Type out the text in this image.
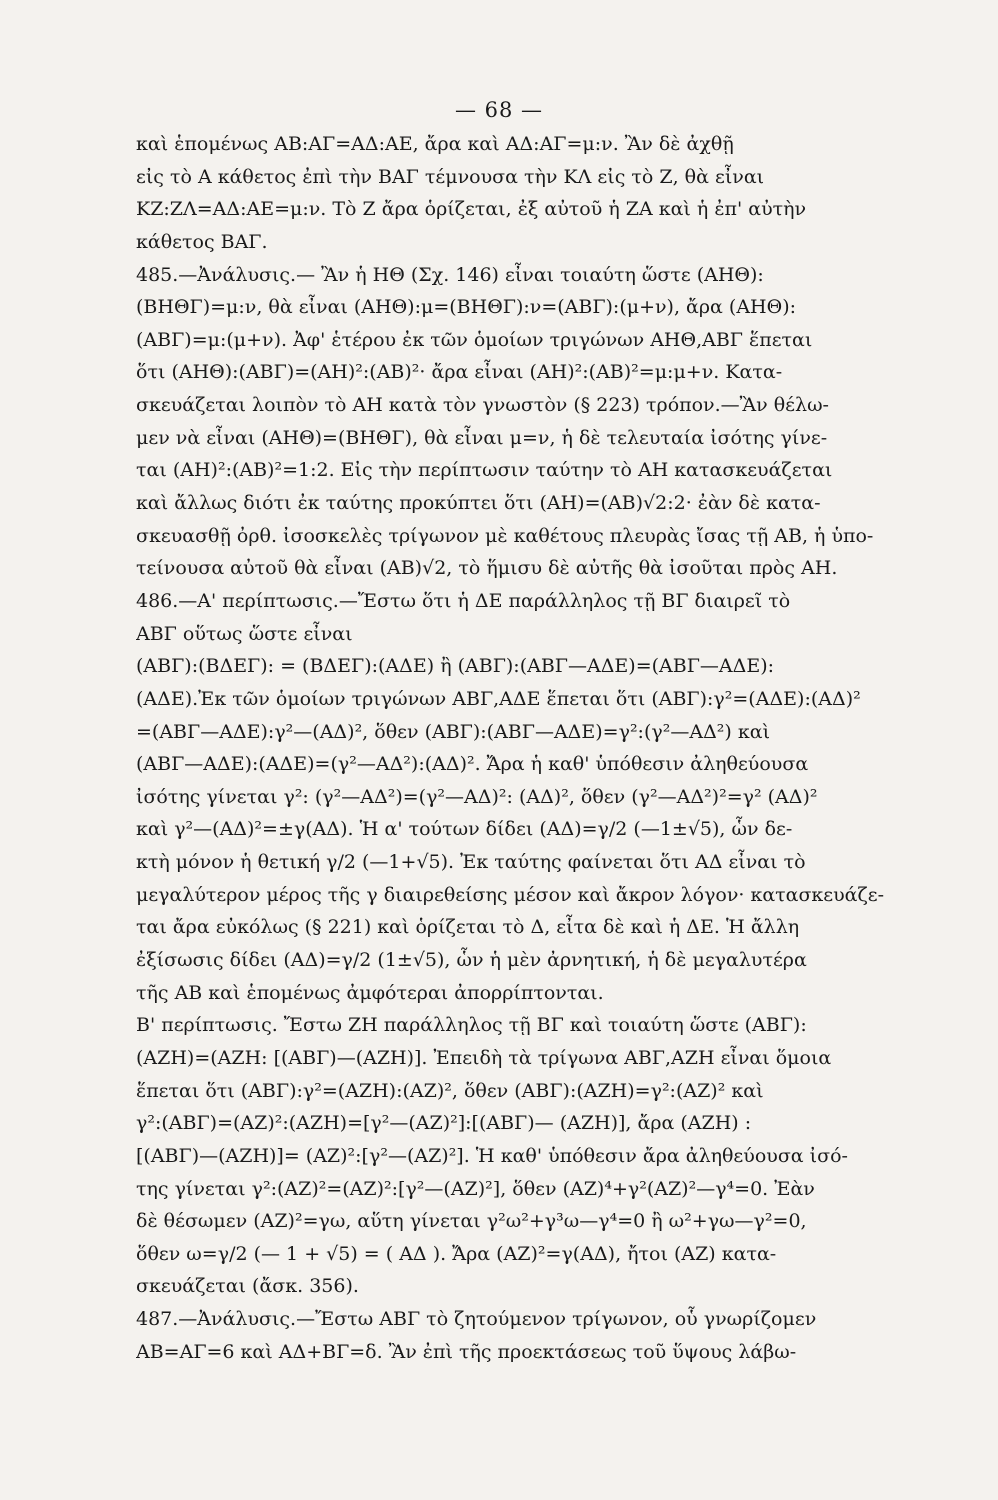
— 68 —
καὶ ἑπομένως ΑΒ:ΑΓ=ΑΔ:ΑΕ, ἄρα καὶ ΑΔ:ΑΓ=μ:ν. Ἂν δὲ ἀχθῇ
εἰς τὸ Α κάθετος ἐπὶ τὴν ΒΑΓ τέμνουσα τὴν ΚΛ εἰς τὸ Ζ, θὰ εἶναι
ΚΖ:ΖΛ=ΑΔ:ΑΕ=μ:ν. Τὸ Ζ ἄρα ὁρίζεται, ἐξ αὐτοῦ ἡ ΖΑ καὶ ἡ ἐπ' αὐτὴν
κάθετος ΒΑΓ.
485.—Ἀνάλυσις.— Ἂν ἡ ΗΘ (Σχ. 146) εἶναι τοιαύτη ὥστε (ΑΗΘ):
(ΒΗΘΓ)=μ:ν, θὰ εἶναι (ΑΗΘ):μ=(ΒΗΘΓ):ν=(ΑΒΓ):(μ+ν), ἄρα (ΑΗΘ):
(ΑΒΓ)=μ:(μ+ν). Ἀφ' ἑτέρου ἐκ τῶν ὁμοίων τριγώνων ΑΗΘ,ΑΒΓ ἕπεται
ὅτι (ΑΗΘ):(ΑΒΓ)=(ΑΗ)²:(ΑΒ)²· ἄρα εἶναι (ΑΗ)²:(ΑΒ)²=μ:μ+ν. Κατα-
σκευάζεται λοιπὸν τὸ ΑΗ κατὰ τὸν γνωστὸν (§ 223) τρόπον.—Ἂν θέλω-
μεν νὰ εἶναι (ΑΗΘ)=(ΒΗΘΓ), θὰ εἶναι μ=ν, ἡ δὲ τελευταία ἰσότης γίνε-
ται (ΑΗ)²:(ΑΒ)²=1:2. Εἰς τὴν περίπτωσιν ταύτην τὸ ΑΗ κατασκευάζεται
καὶ ἄλλως διότι ἐκ ταύτης προκύπτει ὅτι (ΑΗ)=(ΑΒ)√2:2· ἐὰν δὲ κατα-
σκευασθῇ ὀρθ. ἰσοσκελὲς τρίγωνον μὲ καθέτους πλευρὰς ἴσας τῇ ΑΒ, ἡ ὑπο-
τείνουσα αὐτοῦ θὰ εἶναι (ΑΒ)√2, τὸ ἥμισυ δὲ αὐτῆς θὰ ἰσοῦται πρὸς ΑΗ.
486.—Α' περίπτωσις.—Ἔστω ὅτι ἡ ΔΕ παράλληλος τῇ ΒΓ διαιρεῖ τὸ
ΑΒΓ οὕτως ὥστε εἶναι
(ΑΒΓ):(ΒΔΕΓ): = (ΒΔΕΓ):(ΑΔΕ) ἢ (ΑΒΓ):(ΑΒΓ—ΑΔΕ)=(ΑΒΓ—ΑΔΕ):
(ΑΔΕ).Ἐκ τῶν ὁμοίων τριγώνων ΑΒΓ,ΑΔΕ ἕπεται ὅτι (ΑΒΓ):γ²=(ΑΔΕ):(ΑΔ)²
=(ΑΒΓ—ΑΔΕ):γ²—(ΑΔ)², ὅθεν (ΑΒΓ):(ΑΒΓ—ΑΔΕ)=γ²:(γ²—ΑΔ²) καὶ
(ΑΒΓ—ΑΔΕ):(ΑΔΕ)=(γ²—ΑΔ²):(ΑΔ)². Ἄρα ἡ καθ' ὑπόθεσιν ἀληθεύουσα
ἰσότης γίνεται γ²: (γ²—ΑΔ²)=(γ²—ΑΔ)²: (ΑΔ)², ὅθεν (γ²—ΑΔ²)²=γ² (ΑΔ)²
καὶ γ²—(ΑΔ)²=±γ(ΑΔ). Ἡ α' τούτων δίδει (ΑΔ)=γ/2 (—1±√5), ὧν δε-
κτὴ μόνον ἡ θετική γ/2 (—1+√5). Ἐκ ταύτης φαίνεται ὅτι ΑΔ εἶναι τὸ
μεγαλύτερον μέρος τῆς γ διαιρεθείσης μέσον καὶ ἄκρον λόγον· κατασκευάζε-
ται ἄρα εὐκόλως (§ 221) καὶ ὁρίζεται τὸ Δ, εἶτα δὲ καὶ ἡ ΔΕ. Ἡ ἄλλη
ἐξίσωσις δίδει (ΑΔ)=γ/2 (1±√5), ὧν ἡ μὲν ἀρνητική, ἡ δὲ μεγαλυτέρα
τῆς ΑΒ καὶ ἑπομένως ἀμφότεραι ἀπορρίπτονται.
Β' περίπτωσις. Ἔστω ΖΗ παράλληλος τῇ ΒΓ καὶ τοιαύτη ὥστε (ΑΒΓ):
(ΑΖΗ)=(ΑΖΗ: [(ΑΒΓ)—(ΑΖΗ)]. Ἐπειδὴ τὰ τρίγωνα ΑΒΓ,ΑΖΗ εἶναι ὅμοια
ἕπεται ὅτι (ΑΒΓ):γ²=(ΑΖΗ):(ΑΖ)², ὅθεν (ΑΒΓ):(ΑΖΗ)=γ²:(ΑΖ)² καὶ
γ²:(ΑΒΓ)=(ΑΖ)²:(ΑΖΗ)=[γ²—(ΑΖ)²]:[(ΑΒΓ)— (ΑΖΗ)], ἄρα (ΑΖΗ) :
[(ΑΒΓ)—(ΑΖΗ)]= (ΑΖ)²:[γ²—(ΑΖ)²]. Ἡ καθ' ὑπόθεσιν ἄρα ἀληθεύουσα ἰσό-
της γίνεται γ²:(ΑΖ)²=(ΑΖ)²:[γ²—(ΑΖ)²], ὅθεν (ΑΖ)⁴+γ²(ΑΖ)²—γ⁴=0. Ἐὰν
δὲ θέσωμεν (ΑΖ)²=γω, αὕτη γίνεται γ²ω²+γ³ω—γ⁴=0 ἢ ω²+γω—γ²=0,
ὅθεν ω=γ/2 (— 1 + √5) = ( ΑΔ ). Ἄρα (ΑΖ)²=γ(ΑΔ), ἤτοι (ΑΖ) κατα-
σκευάζεται (ἄσκ. 356).
487.—Ἀνάλυσις.—Ἔστω ΑΒΓ τὸ ζητούμενον τρίγωνον, οὗ γνωρίζομεν
ΑΒ=ΑΓ=6 καὶ ΑΔ+ΒΓ=δ. Ἂν ἐπὶ τῆς προεκτάσεως τοῦ ὕψους λάβω-
